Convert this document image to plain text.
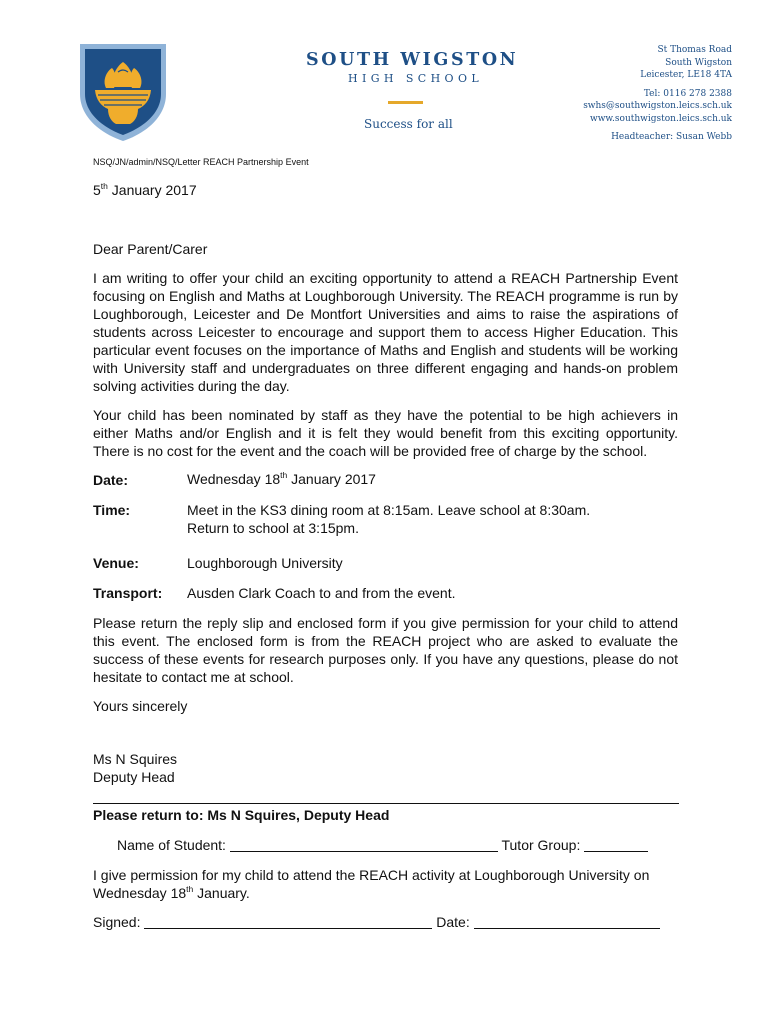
SOUTH WIGSTON
HIGH SCHOOL
Success for all
St Thomas Road
South Wigston
Leicester, LE18 4TA
Tel: 0116 278 2388
swhs@southwigston.leics.sch.uk
www.southwigston.leics.sch.uk
Headteacher: Susan Webb
NSQ/JN/admin/NSQ/Letter REACH Partnership Event
5th January 2017
Dear Parent/Carer
I am writing to offer your child an exciting opportunity to attend a REACH Partnership Event focusing on English and Maths at Loughborough University. The REACH programme is run by Loughborough, Leicester and De Montfort Universities and aims to raise the aspirations of students across Leicester to encourage and support them to access Higher Education. This particular event focuses on the importance of Maths and English and students will be working with University staff and undergraduates on three different engaging and hands-on problem solving activities during the day.
Your child has been nominated by staff as they have the potential to be high achievers in either Maths and/or English and it is felt they would benefit from this exciting opportunity. There is no cost for the event and the coach will be provided free of charge by the school.
Date:	Wednesday 18th January 2017
Time:	Meet in the KS3 dining room at 8:15am. Leave school at 8:30am.
Return to school at 3:15pm.
Venue:	Loughborough University
Transport: Ausden Clark Coach to and from the event.
Please return the reply slip and enclosed form if you give permission for your child to attend this event. The enclosed form is from the REACH project who are asked to evaluate the success of these events for research purposes only. If you have any questions, please do not hesitate to contact me at school.
Yours sincerely
Ms N Squires
Deputy Head
Please return to: Ms N Squires, Deputy Head
Name of Student:	Tutor Group:
I give permission for my child to attend the REACH activity at Loughborough University on
Wednesday 18th January.
Signed:	Date:
